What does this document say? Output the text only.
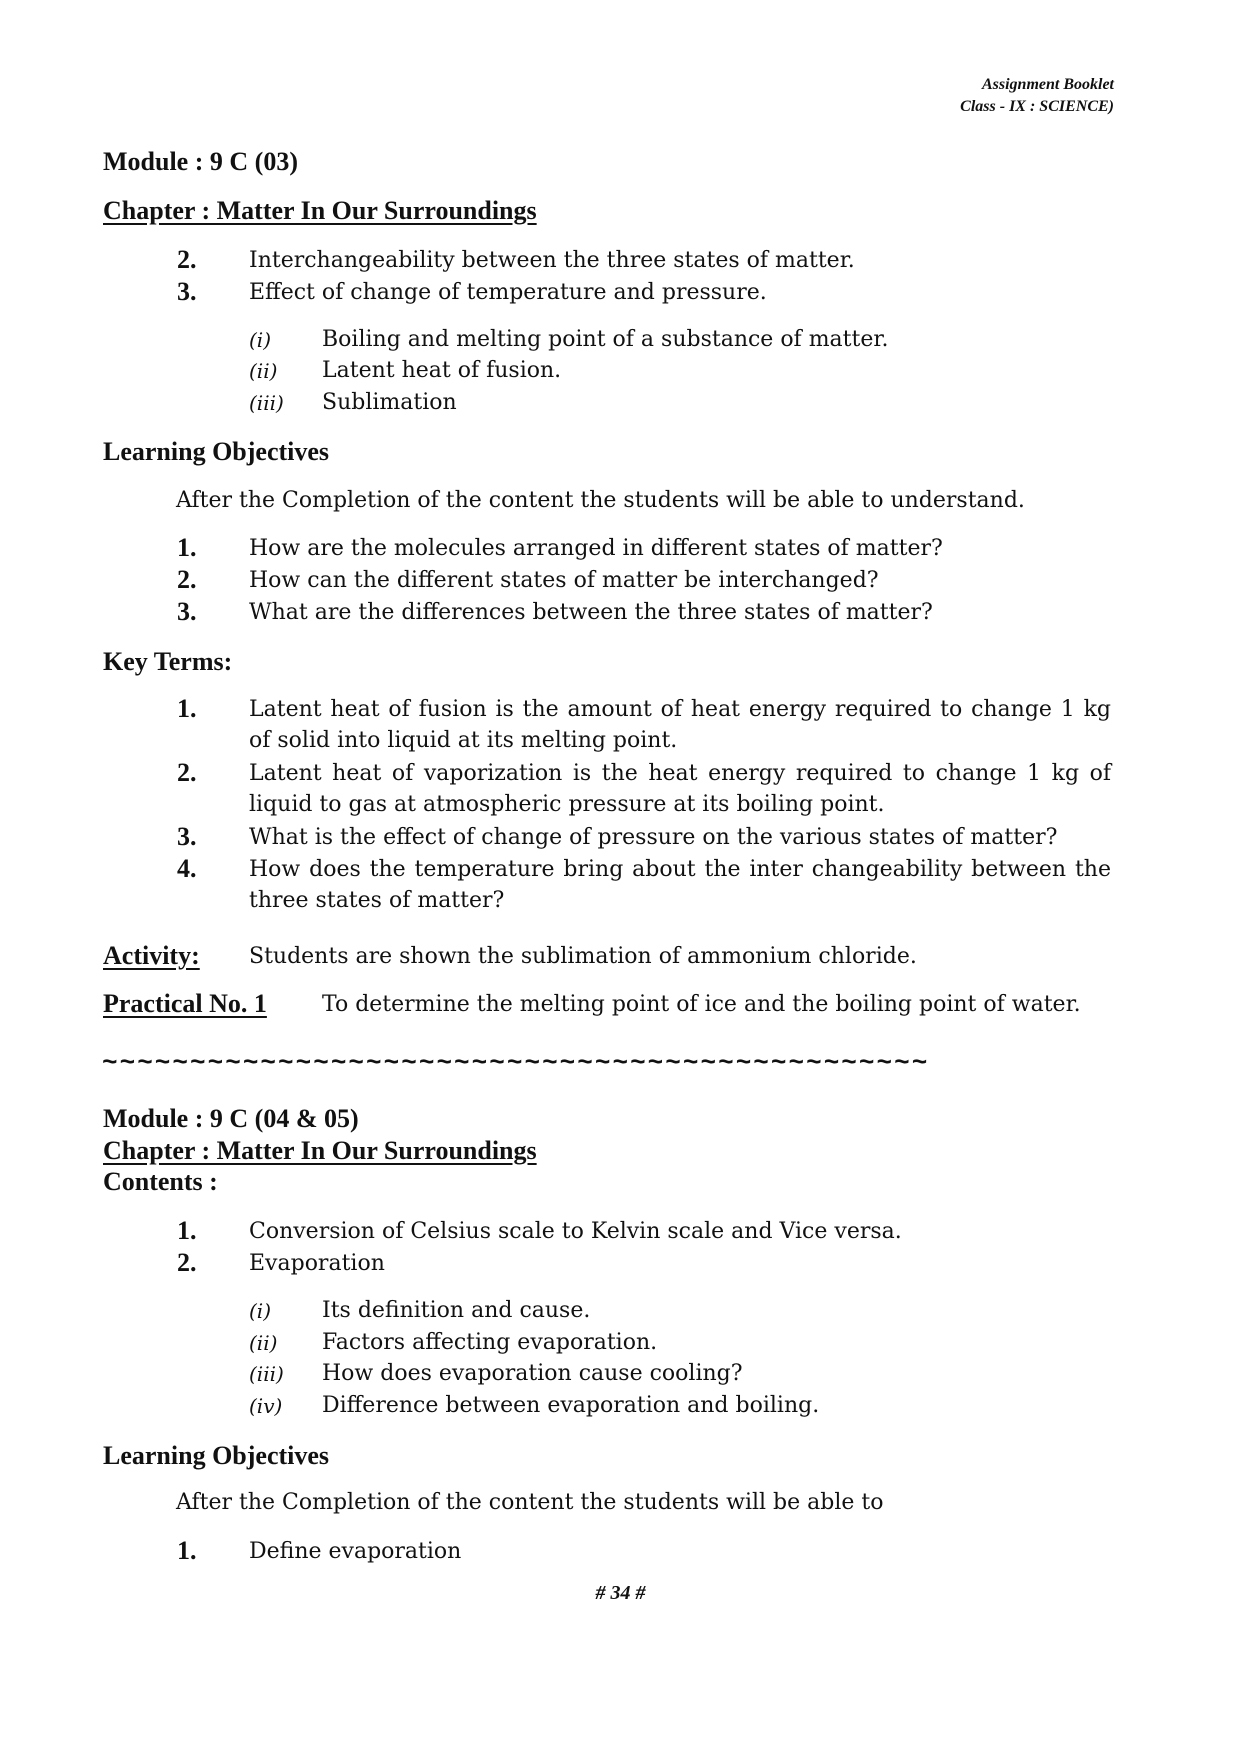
Assignment Booklet
Class - IX : SCIENCE)
Module : 9 C (03)
Chapter : Matter In Our Surroundings
2. Interchangeability between the three states of matter.
3. Effect of change of temperature and pressure.
(i) Boiling and melting point of a substance of matter.
(ii) Latent heat of fusion.
(iii) Sublimation
Learning Objectives
After the Completion of the content the students will be able to understand.
1. How are the molecules arranged in different states of matter?
2. How can the different states of matter be interchanged?
3. What are the differences between the three states of matter?
Key Terms:
1. Latent heat of fusion is the amount of heat energy required to change 1 kg
of solid into liquid at its melting point.
2. Latent heat of vaporization is the heat energy required to change 1 kg of
liquid to gas at atmospheric pressure at its boiling point.
3. What is the effect of change of pressure on the various states of matter?
4. How does the temperature bring about the inter changeability between the
three states of matter?
Activity: Students are shown the sublimation of ammonium chloride.
Practical No. 1	To determine the melting point of ice and the boiling point of water.
~~~~~~~~~~~~~~~~~~~~~~~~~~~~~~~~~~~~~~~~~~~~~~~
Module : 9 C (04 & 05)
Chapter : Matter In Our Surroundings
Contents :
1. Conversion of Celsius scale to Kelvin scale and Vice versa.
2. Evaporation
(i) Its definition and cause.
(ii) Factors affecting evaporation.
(iii) How does evaporation cause cooling?
(iv) Difference between evaporation and boiling.
Learning Objectives
After the Completion of the content the students will be able to
1. Define evaporation
# 34 #
